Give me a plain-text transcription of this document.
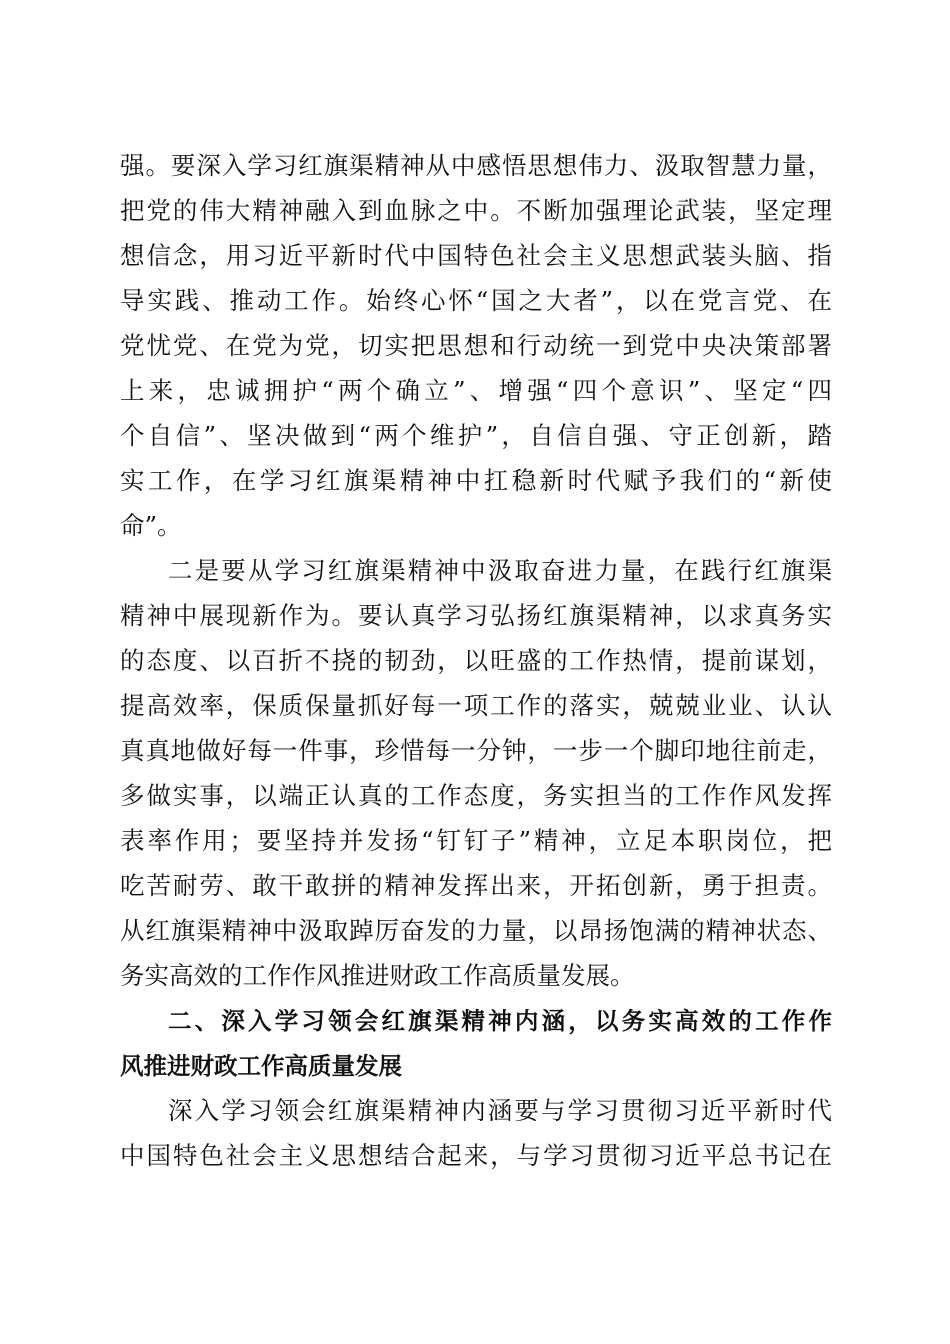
强。要深入学习红旗渠精神从中感悟思想伟力、汲取智慧力量，
把党的伟大精神融入到血脉之中。不断加强理论武装，坚定理
想信念，用习近平新时代中国特色社会主义思想武装头脑、指
导实践、推动工作。始终心怀“国之大者”，以在党言党、在
党忧党、在党为党，切实把思想和行动统一到党中央决策部署
上来，忠诚拥护“两个确立”、增强“四个意识”、坚定“四
个自信”、坚决做到“两个维护”，自信自强、守正创新，踏
实工作，在学习红旗渠精神中扛稳新时代赋予我们的“新使
命”。
二是要从学习红旗渠精神中汲取奋进力量，在践行红旗渠
精神中展现新作为。要认真学习弘扬红旗渠精神，以求真务实
的态度、以百折不挠的韧劲，以旺盛的工作热情，提前谋划，
提高效率，保质保量抓好每一项工作的落实，兢兢业业、认认
真真地做好每一件事，珍惜每一分钟，一步一个脚印地往前走，
多做实事，以端正认真的工作态度，务实担当的工作作风发挥
表率作用；要坚持并发扬“钉钉子”精神，立足本职岗位，把
吃苦耐劳、敢干敢拼的精神发挥出来，开拓创新，勇于担责。
从红旗渠精神中汲取踔厉奋发的力量，以昂扬饱满的精神状态、
务实高效的工作作风推进财政工作高质量发展。
二、深入学习领会红旗渠精神内涵，以务实高效的工作作
风推进财政工作高质量发展
深入学习领会红旗渠精神内涵要与学习贯彻习近平新时代
中国特色社会主义思想结合起来，与学习贯彻习近平总书记在
